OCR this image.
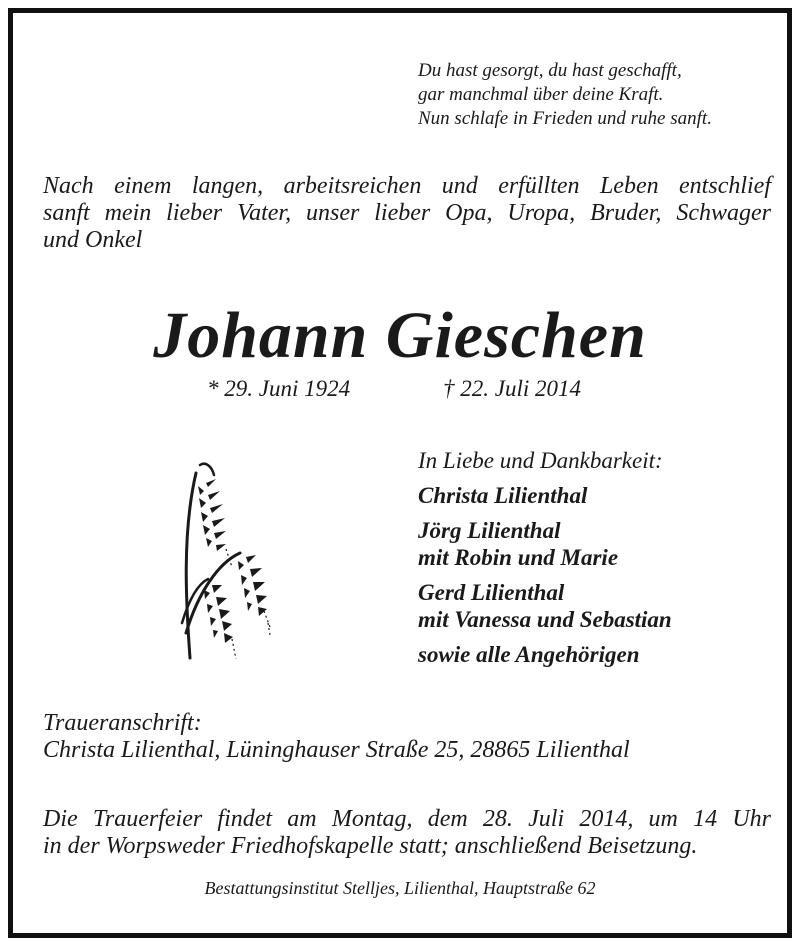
Du hast gesorgt, du hast geschafft,
gar manchmal über deine Kraft.
Nun schlafe in Frieden und ruhe sanft.
Nach einem langen, arbeitsreichen und erfüllten Leben entschlief
sanft mein lieber Vater, unser lieber Opa, Uropa, Bruder, Schwager
und Onkel
Johann Gieschen
* 29. Juni 1924	† 22. Juli 2014
In Liebe und Dankbarkeit:
Christa Lilienthal
Jörg Lilienthal
mit Robin und Marie
Gerd Lilienthal
mit Vanessa und Sebastian
sowie alle Angehörigen
Traueranschrift:
Christa Lilienthal, Lüninghauser Straße 25, 28865 Lilienthal
Die Trauerfeier findet am Montag, dem 28. Juli 2014, um 14 Uhr
in der Worpsweder Friedhofskapelle statt; anschließend Beisetzung.
Bestattungsinstitut Stelljes, Lilienthal, Hauptstraße 62
